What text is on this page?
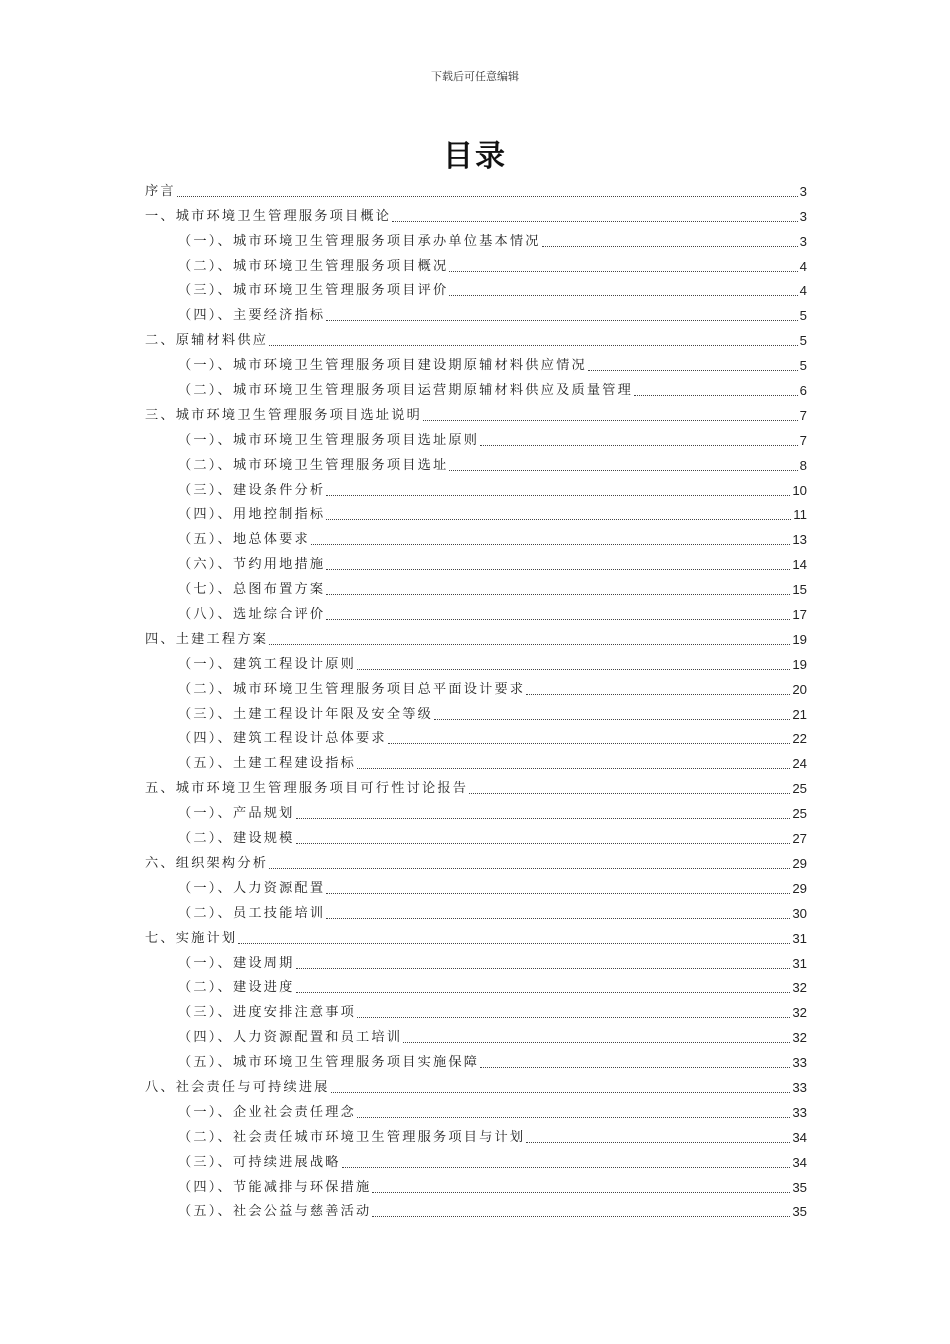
下载后可任意编辑
目录
序言	3
一、城市环境卫生管理服务项目概论	3
（一）、城市环境卫生管理服务项目承办单位基本情况	3
（二）、城市环境卫生管理服务项目概况	4
（三）、城市环境卫生管理服务项目评价	4
（四）、主要经济指标	5
二、原辅材料供应	5
（一）、城市环境卫生管理服务项目建设期原辅材料供应情况	5
（二）、城市环境卫生管理服务项目运营期原辅材料供应及质量管理	6
三、城市环境卫生管理服务项目选址说明	7
（一）、城市环境卫生管理服务项目选址原则	7
（二）、城市环境卫生管理服务项目选址	8
（三）、建设条件分析	10
（四）、用地控制指标	11
（五）、地总体要求	13
（六）、节约用地措施	14
（七）、总图布置方案	15
（八）、选址综合评价	17
四、土建工程方案	19
（一）、建筑工程设计原则	19
（二）、城市环境卫生管理服务项目总平面设计要求	20
（三）、土建工程设计年限及安全等级	21
（四）、建筑工程设计总体要求	22
（五）、土建工程建设指标	24
五、城市环境卫生管理服务项目可行性讨论报告	25
（一）、产品规划	25
（二）、建设规模	27
六、组织架构分析	29
（一）、人力资源配置	29
（二）、员工技能培训	30
七、实施计划	31
（一）、建设周期	31
（二）、建设进度	32
（三）、进度安排注意事项	32
（四）、人力资源配置和员工培训	32
（五）、城市环境卫生管理服务项目实施保障	33
八、社会责任与可持续进展	33
（一）、企业社会责任理念	33
（二）、社会责任城市环境卫生管理服务项目与计划	34
（三）、可持续进展战略	34
（四）、节能减排与环保措施	35
（五）、社会公益与慈善活动	35
